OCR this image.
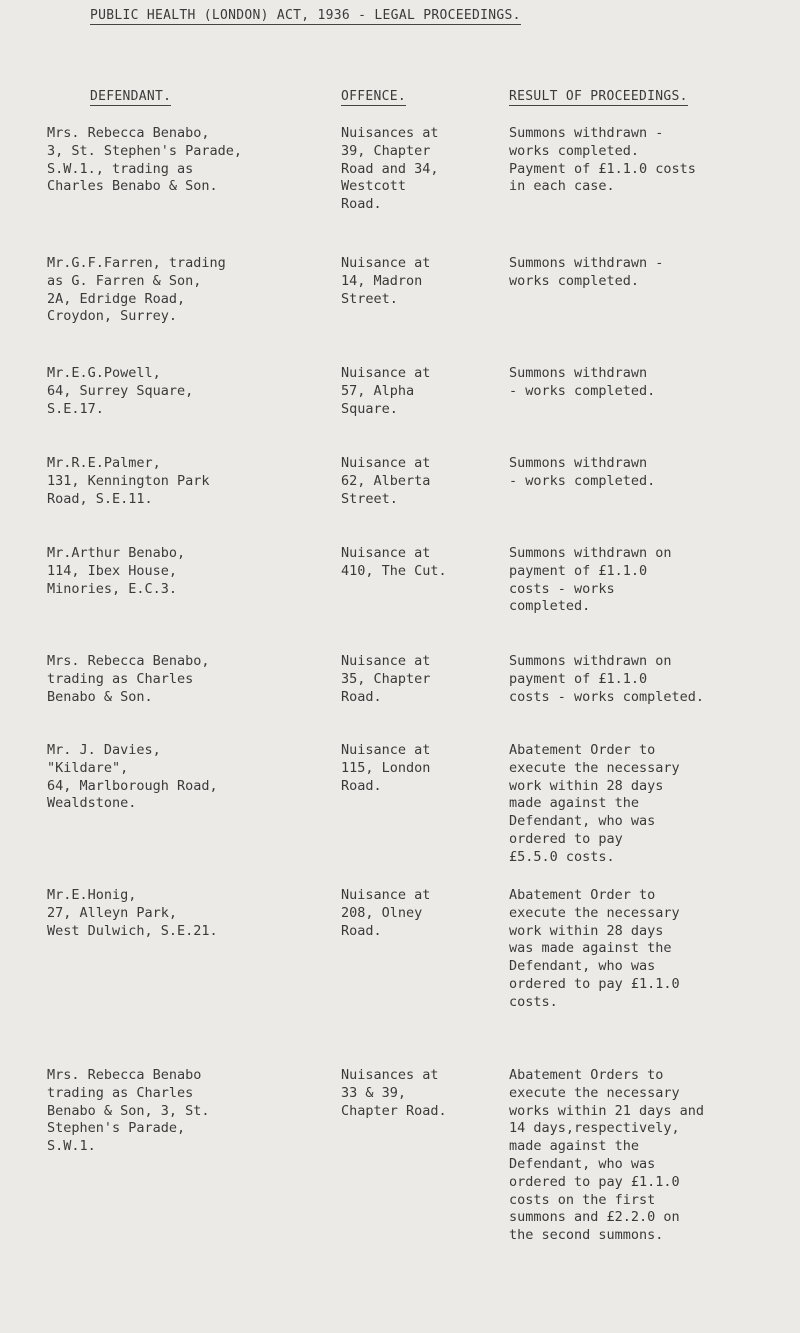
PUBLIC HEALTH (LONDON) ACT, 1936 - LEGAL PROCEEDINGS.
DEFENDANT.	OFFENCE.	RESULT OF PROCEEDINGS.
Mrs. Rebecca Benabo,
3, St. Stephen's Parade,
S.W.1., trading as
Charles Benabo & Son.
Nuisances at
39, Chapter
Road and 34,
Westcott
Road.
Summons withdrawn -
works completed.
Payment of £1.1.0 costs
in each case.
Mr.G.F.Farren, trading
as G. Farren & Son,
2A, Edridge Road,
Croydon, Surrey.
Nuisance at
14, Madron
Street.
Summons withdrawn -
works completed.
Mr.E.G.Powell,
64, Surrey Square,
S.E.17.
Nuisance at
57, Alpha
Square.
Summons withdrawn
- works completed.
Mr.R.E.Palmer,
131, Kennington Park
Road, S.E.11.
Nuisance at
62, Alberta
Street.
Summons withdrawn
- works completed.
Mr.Arthur Benabo,
114, Ibex House,
Minories, E.C.3.
Nuisance at
410, The Cut.
Summons withdrawn on
payment of £1.1.0
costs - works
completed.
Mrs. Rebecca Benabo,
trading as Charles
Benabo & Son.
Nuisance at
35, Chapter
Road.
Summons withdrawn on
payment of £1.1.0
costs - works completed.
Mr. J. Davies,
"Kildare",
64, Marlborough Road,
Wealdstone.
Nuisance at
115, London
Road.
Abatement Order to
execute the necessary
work within 28 days
made against the
Defendant, who was
ordered to pay
£5.5.0 costs.
Mr.E.Honig,
27, Alleyn Park,
West Dulwich, S.E.21.
Nuisance at
208, Olney
Road.
Abatement Order to
execute the necessary
work within 28 days
was made against the
Defendant, who was
ordered to pay £1.1.0
costs.
Mrs. Rebecca Benabo
trading as Charles
Benabo & Son, 3, St.
Stephen's Parade,
S.W.1.
Nuisances at
33 & 39,
Chapter Road.
Abatement Orders to
execute the necessary
works within 21 days and
14 days,respectively,
made against the
Defendant, who was
ordered to pay £1.1.0
costs on the first
summons and £2.2.0 on
the second summons.
